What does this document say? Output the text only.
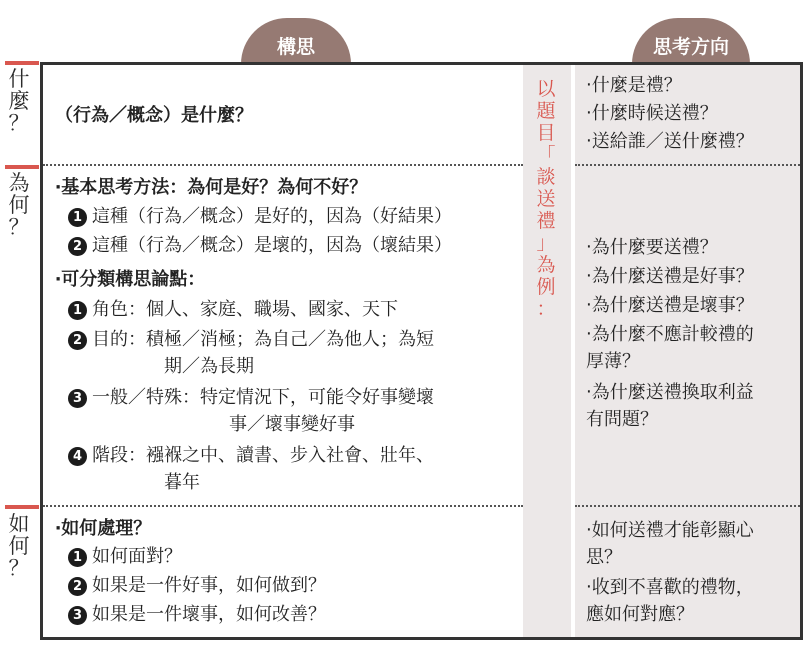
構思	思考方向
什
麼
？
為
何
？
如
何
？
以
題
目
「
談
送
禮
」
為
例
：
（行為／概念）是什麼？
‧什麼是禮？
‧什麼時候送禮？
‧送給誰／送什麼禮？
‧基本思考方法：為何是好？為何不好？
1 這種（行為／概念）是好的，因為（好結果）
2 這種（行為／概念）是壞的，因為（壞結果）
‧可分類構思論點：
1 角色：個人、家庭、職場、國家、天下
2 目的：積極／消極；為自己／為他人；為短
期／為長期
3 一般／特殊：特定情況下，可能令好事變壞
事／壞事變好事
4 階段：襁褓之中、讀書、步入社會、壯年、
暮年
‧為什麼要送禮？
‧為什麼送禮是好事？
‧為什麼送禮是壞事？
‧為什麼不應計較禮的
厚薄？
‧為什麼送禮換取利益
有問題？
‧如何處理？
1 如何面對？
2 如果是一件好事，如何做到？
3 如果是一件壞事，如何改善？
‧如何送禮才能彰顯心
思？
‧收到不喜歡的禮物，
應如何對應？
